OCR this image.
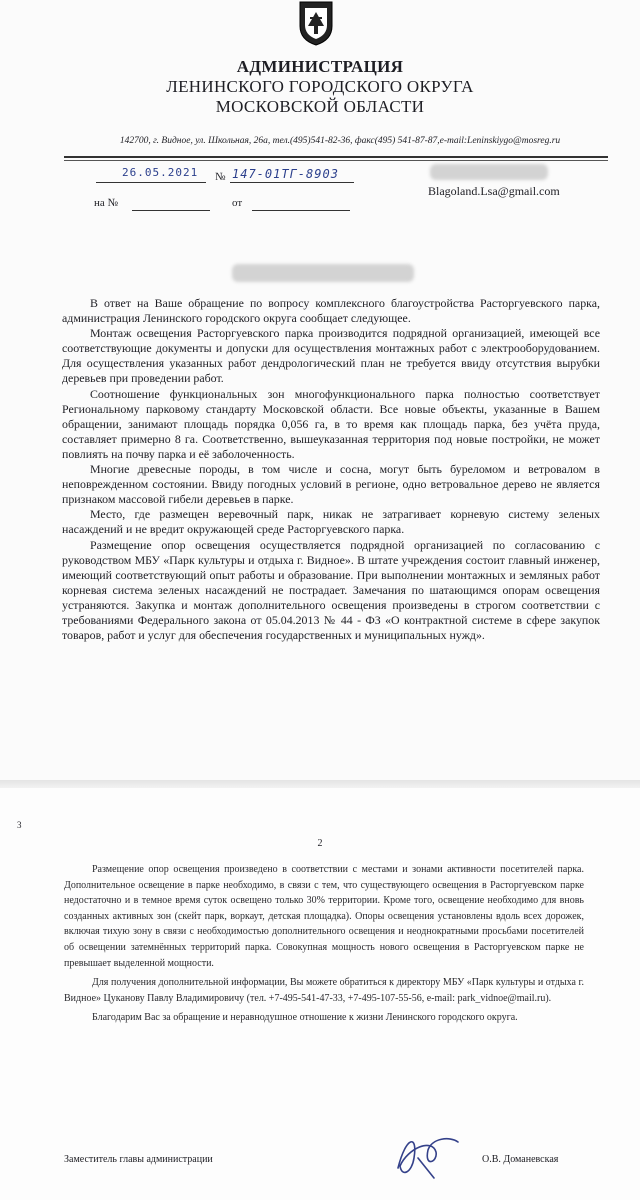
АДМИНИСТРАЦИЯ
ЛЕНИНСКОГО ГОРОДСКОГО ОКРУГА
МОСКОВСКОЙ ОБЛАСТИ
142700, г. Видное, ул. Школьная, 26а, тел.(495)541-82-36, факс(495) 541-87-87,e-mail:Leninskiygo@mosreg.ru
26.05.2021 № 147-01ТГ-8903
на №	от
Blagoland.Lsa@gmail.com

В ответ на Ваше обращение по вопросу комплексного благоустройства Расторгуевского парка, администрация Ленинского городского округа сообщает следующее.

Монтаж освещения Расторгуевского парка производится подрядной организацией, имеющей все соответствующие документы и допуски для осуществления монтажных работ с электрооборудованием. Для осуществления указанных работ дендрологический план не требуется ввиду отсутствия вырубки деревьев при проведении работ.

Соотношение функциональных зон многофункционального парка полностью соответствует Региональному парковому стандарту Московской области. Все новые объекты, указанные в Вашем обращении, занимают площадь порядка 0,056 га, в то время как площадь парка, без учёта пруда, составляет примерно 8 га. Соответственно, вышеуказанная территория под новые постройки, не может повлиять на почву парка и её заболоченность.

Многие древесные породы, в том числе и сосна, могут быть буреломом и ветровалом в неповрежденном состоянии. Ввиду погодных условий в регионе, одно ветровальное дерево не является признаком массовой гибели деревьев в парке.

Место, где размещен веревочный парк, никак не затрагивает корневую систему зеленых насаждений и не вредит окружающей среде Расторгуевского парка.

Размещение опор освещения осуществляется подрядной организацией по согласованию с руководством МБУ «Парк культуры и отдыха г. Видное». В штате учреждения состоит главный инженер, имеющий соответствующий опыт работы и образование. При выполнении монтажных и земляных работ корневая система зеленых насаждений не пострадает. Замечания по шатающимся опорам освещения устраняются. Закупка и монтаж дополнительного освещения произведены в строгом соответствии с требованиями Федерального закона от 05.04.2013 № 44 - ФЗ «О контрактной системе в сфере закупок товаров, работ и услуг для обеспечения государственных и муниципальных нужд».

3
2

Размещение опор освещения произведено в соответствии с местами и зонами активности посетителей парка. Дополнительное освещение в парке необходимо, в связи с тем, что существующего освещения в Расторгуевском парке недостаточно и в темное время суток освещено только 30% территории. Кроме того, освещение необходимо для вновь созданных активных зон (скейт парк, воркаут, детская площадка). Опоры освещения установлены вдоль всех дорожек, включая тихую зону в связи с необходимостью дополнительного освещения и неоднократными просьбами посетителей об освещении затемнённых территорий парка. Совокупная мощность нового освещения в Расторгуевском парке не превышает выделенной мощности.

Для получения дополнительной информации, Вы можете обратиться к директору МБУ «Парк культуры и отдыха г. Видное» Цуканову Павлу Владимировичу (тел. +7-495-541-47-33, +7-495-107-55-56, e-mail: park_vidnoe@mail.ru).

Благодарим Вас за обращение и неравнодушное отношение к жизни Ленинского городского округа.

Заместитель главы администрации	О.В. Доманевская
